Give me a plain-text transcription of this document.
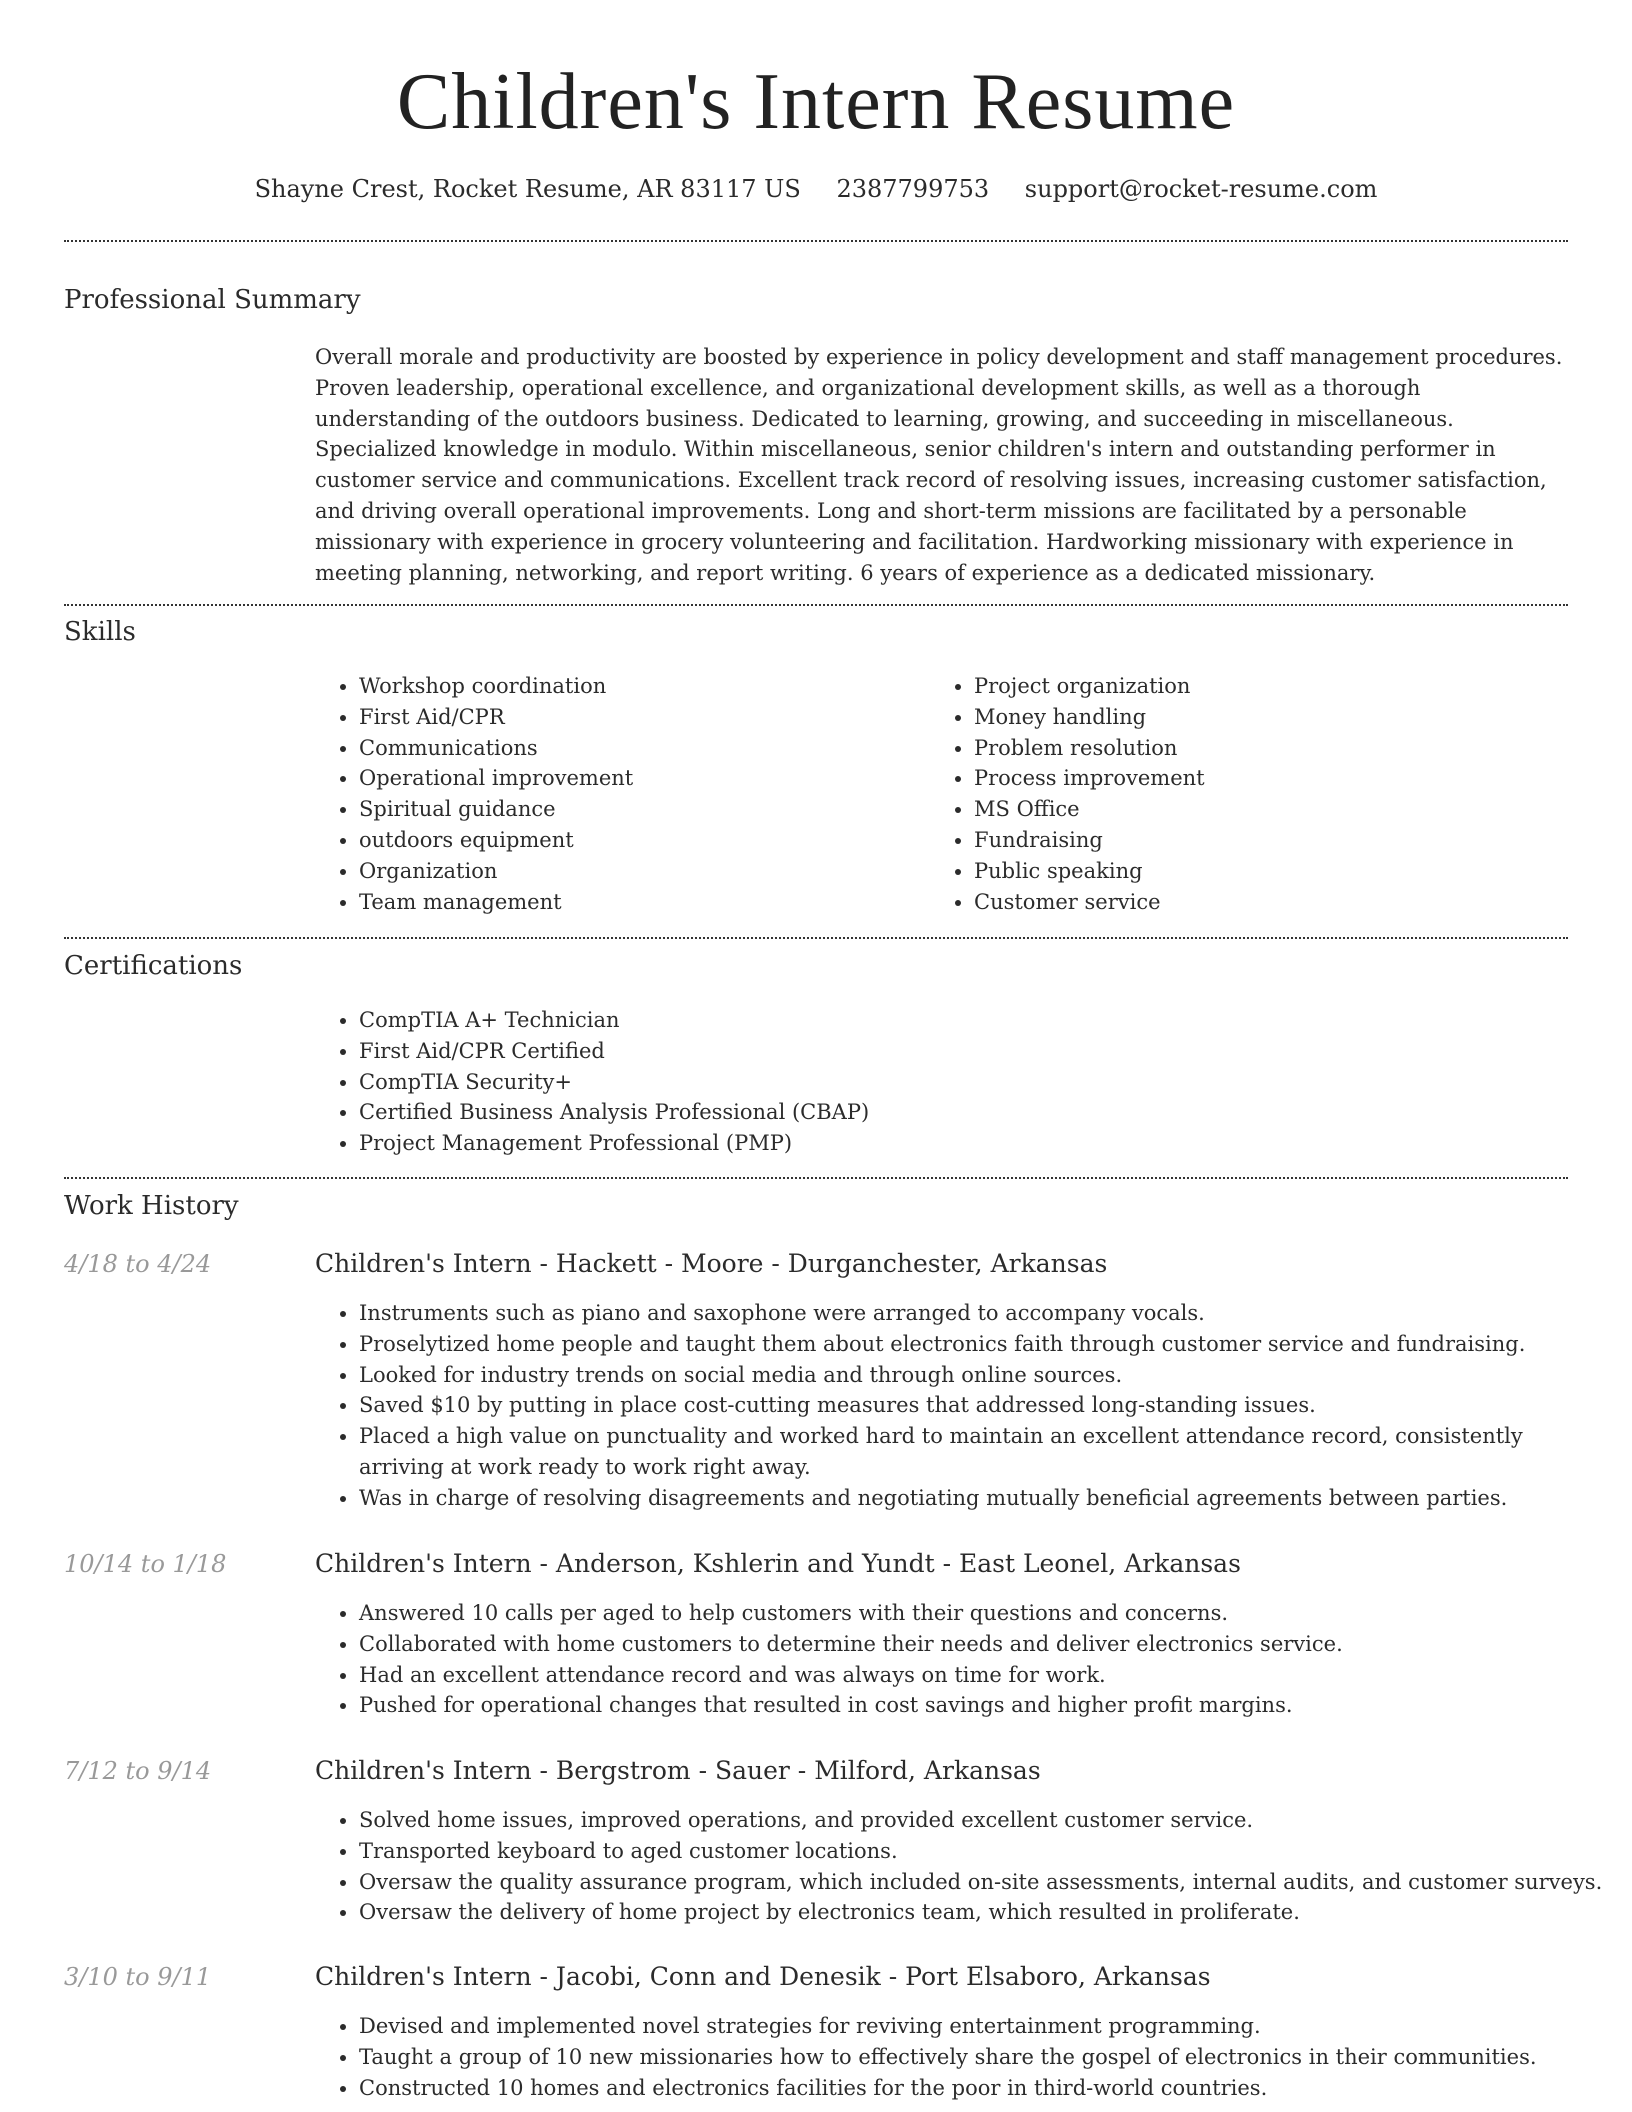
Children's Intern Resume
Shayne Crest, Rocket Resume, AR 83117 US 2387799753 support@rocket-resume.com
Professional Summary

Overall morale and productivity are boosted by experience in policy development and staff management procedures. Proven leadership, operational excellence, and organizational development skills, as well as a thorough understanding of the outdoors business. Dedicated to learning, growing, and succeeding in miscellaneous. Specialized knowledge in modulo. Within miscellaneous, senior children's intern and outstanding performer in customer service and communications. Excellent track record of resolving issues, increasing customer satisfaction, and driving overall operational improvements. Long and short-term missions are facilitated by a personable missionary with experience in grocery volunteering and facilitation. Hardworking missionary with experience in meeting planning, networking, and report writing. 6 years of experience as a dedicated missionary.

Skills
• Workshop coordination
• First Aid/CPR
• Communications
• Operational improvement
• Spiritual guidance
• outdoors equipment
• Organization
• Team management
• Project organization
• Money handling
• Problem resolution
• Process improvement
• MS Office
• Fundraising
• Public speaking
• Customer service
Certifications
• CompTIA A+ Technician
• First Aid/CPR Certified
• CompTIA Security+
• Certified Business Analysis Professional (CBAP)
• Project Management Professional (PMP)
Work History
4/18 to 4/24	Children's Intern - Hackett - Moore - Durganchester, Arkansas
• Instruments such as piano and saxophone were arranged to accompany vocals.
• Proselytized home people and taught them about electronics faith through customer service and fundraising.
• Looked for industry trends on social media and through online sources.
• Saved $10 by putting in place cost-cutting measures that addressed long-standing issues.
• Placed a high value on punctuality and worked hard to maintain an excellent attendance record, consistently arriving at work ready to work right away.
• Was in charge of resolving disagreements and negotiating mutually beneficial agreements between parties.
10/14 to 1/18	Children's Intern - Anderson, Kshlerin and Yundt - East Leonel, Arkansas
• Answered 10 calls per aged to help customers with their questions and concerns.
• Collaborated with home customers to determine their needs and deliver electronics service.
• Had an excellent attendance record and was always on time for work.
• Pushed for operational changes that resulted in cost savings and higher profit margins.
7/12 to 9/14	Children's Intern - Bergstrom - Sauer - Milford, Arkansas
• Solved home issues, improved operations, and provided excellent customer service.
• Transported keyboard to aged customer locations.
• Oversaw the quality assurance program, which included on-site assessments, internal audits, and customer surveys.
• Oversaw the delivery of home project by electronics team, which resulted in proliferate.
3/10 to 9/11	Children's Intern - Jacobi, Conn and Denesik - Port Elsaboro, Arkansas
• Devised and implemented novel strategies for reviving entertainment programming.
• Taught a group of 10 new missionaries how to effectively share the gospel of electronics in their communities.
• Constructed 10 homes and electronics facilities for the poor in third-world countries.
